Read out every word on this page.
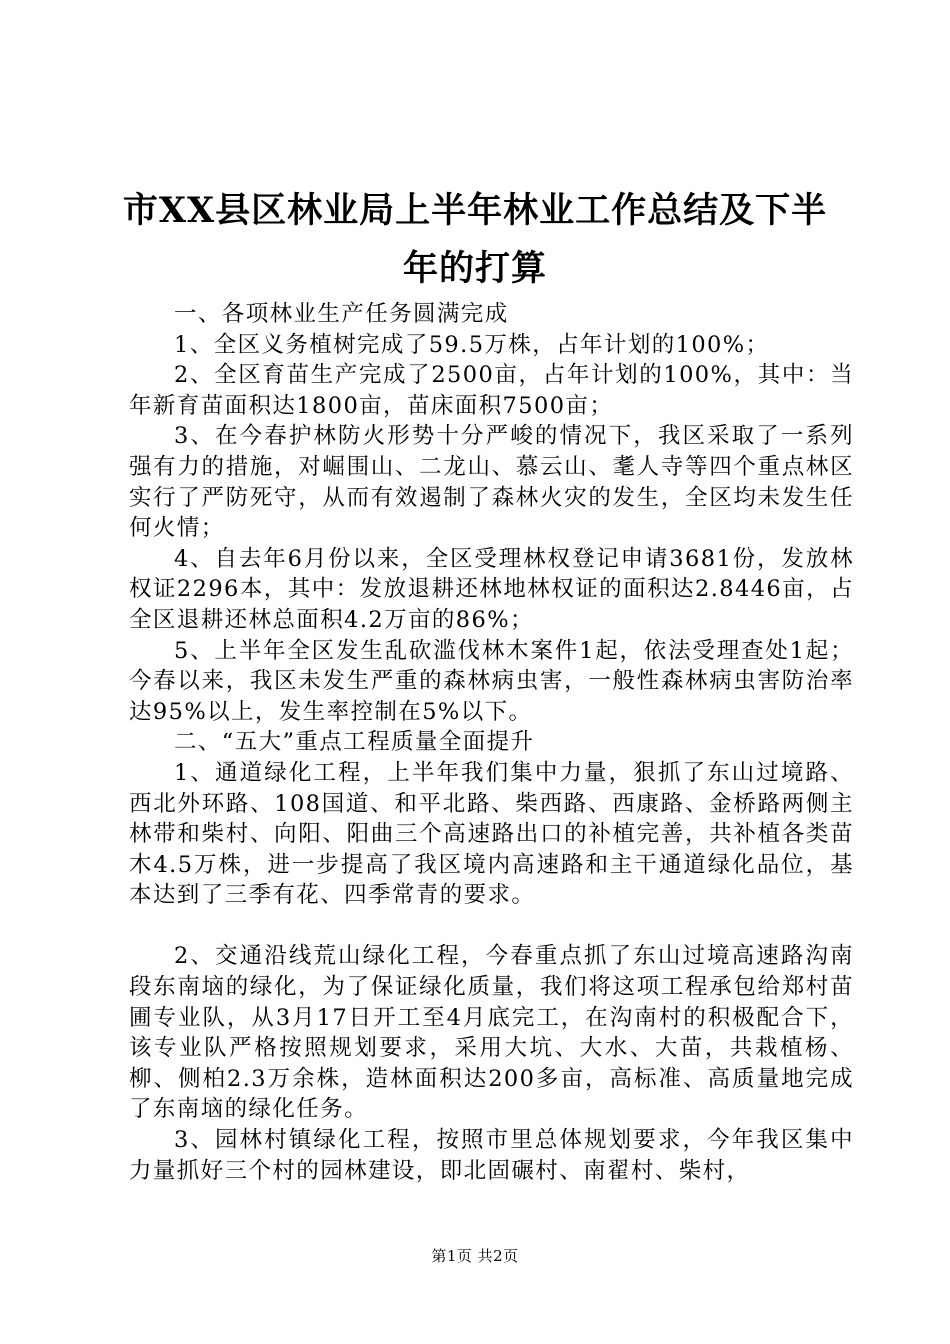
市XX县区林业局上半年林业工作总结及下半
年的打算

一、各项林业生产任务圆满完成

1、全区义务植树完成了59.5万株，占年计划的100%；

2、全区育苗生产完成了2500亩，占年计划的100%，其中：当年新育苗面积达1800亩，苗床面积7500亩；

3、在今春护林防火形势十分严峻的情况下，我区采取了一系列强有力的措施，对崛围山、二龙山、慕云山、耄人寺等四个重点林区实行了严防死守，从而有效遏制了森林火灾的发生，全区均未发生任何火情；

4、自去年6月份以来，全区受理林权登记申请3681份，发放林权证2296本，其中：发放退耕还林地林权证的面积达2.8446亩，占全区退耕还林总面积4.2万亩的86%；

5、上半年全区发生乱砍滥伐林木案件1起，依法受理查处1起；今春以来，我区未发生严重的森林病虫害，一般性森林病虫害防治率达95%以上，发生率控制在5%以下。

二、“五大”重点工程质量全面提升

1、通道绿化工程，上半年我们集中力量，狠抓了东山过境路、西北外环路、108国道、和平北路、柴西路、西康路、金桥路两侧主林带和柴村、向阳、阳曲三个高速路出口的补植完善，共补植各类苗木4.5万株，进一步提高了我区境内高速路和主干通道绿化品位，基本达到了三季有花、四季常青的要求。

2、交通沿线荒山绿化工程，今春重点抓了东山过境高速路沟南段东南垴的绿化，为了保证绿化质量，我们将这项工程承包给郑村苗圃专业队，从3月17日开工至4月底完工，在沟南村的积极配合下，该专业队严格按照规划要求，采用大坑、大水、大苗，共栽植杨、柳、侧柏2.3万余株，造林面积达200多亩，高标准、高质量地完成了东南垴的绿化任务。

3、园林村镇绿化工程，按照市里总体规划要求，今年我区集中力量抓好三个村的园林建设，即北固碾村、南翟村、柴村，

第1页 共2页
